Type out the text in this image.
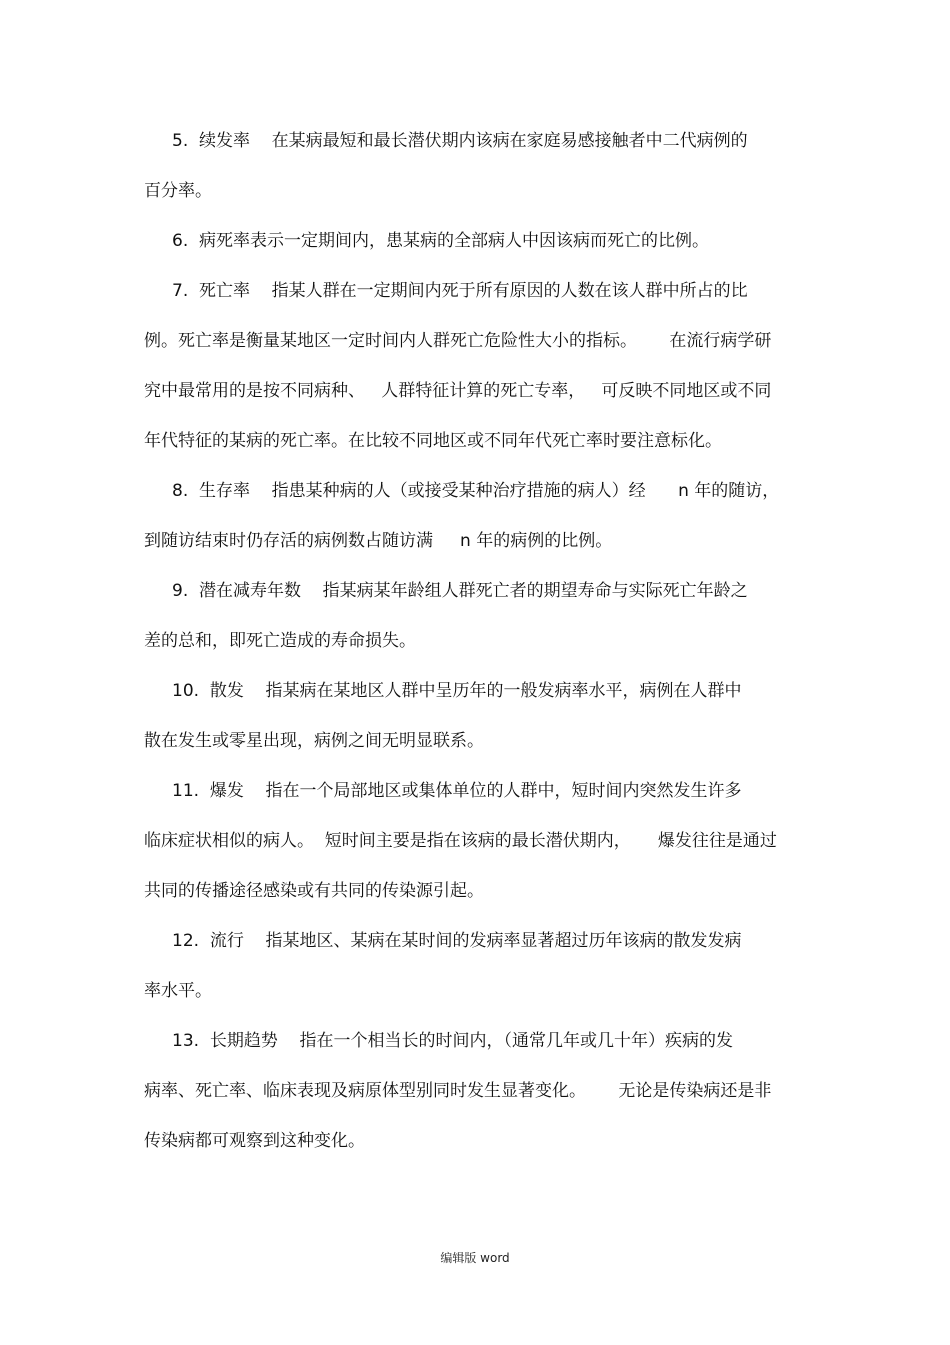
5.  续发率    在某病最短和最长潜伏期内该病在家庭易感接触者中二代病例的
百分率。
6.  病死率表示一定期间内，患某病的全部病人中因该病而死亡的比例。
7.  死亡率    指某人群在一定期间内死于所有原因的人数在该人群中所占的比
例。死亡率是衡量某地区一定时间内人群死亡危险性大小的指标。      在流行病学研
究中最常用的是按不同病种、   人群特征计算的死亡专率，   可反映不同地区或不同
年代特征的某病的死亡率。在比较不同地区或不同年代死亡率时要注意标化。
8.  生存率    指患某种病的人（或接受某种治疗措施的病人）经      n 年的随访，
到随访结束时仍存活的病例数占随访满     n 年的病例的比例。
9.  潜在减寿年数    指某病某年龄组人群死亡者的期望寿命与实际死亡年龄之
差的总和，即死亡造成的寿命损失。
10.  散发    指某病在某地区人群中呈历年的一般发病率水平，病例在人群中
散在发生或零星出现，病例之间无明显联系。
11.  爆发    指在一个局部地区或集体单位的人群中，短时间内突然发生许多
临床症状相似的病人。  短时间主要是指在该病的最长潜伏期内，     爆发往往是通过
共同的传播途径感染或有共同的传染源引起。
12.  流行    指某地区、某病在某时间的发病率显著超过历年该病的散发发病
率水平。
13.  长期趋势    指在一个相当长的时间内，（通常几年或几十年）疾病的发
病率、死亡率、临床表现及病原体型别同时发生显著变化。      无论是传染病还是非
传染病都可观察到这种变化。
编辑版 word
